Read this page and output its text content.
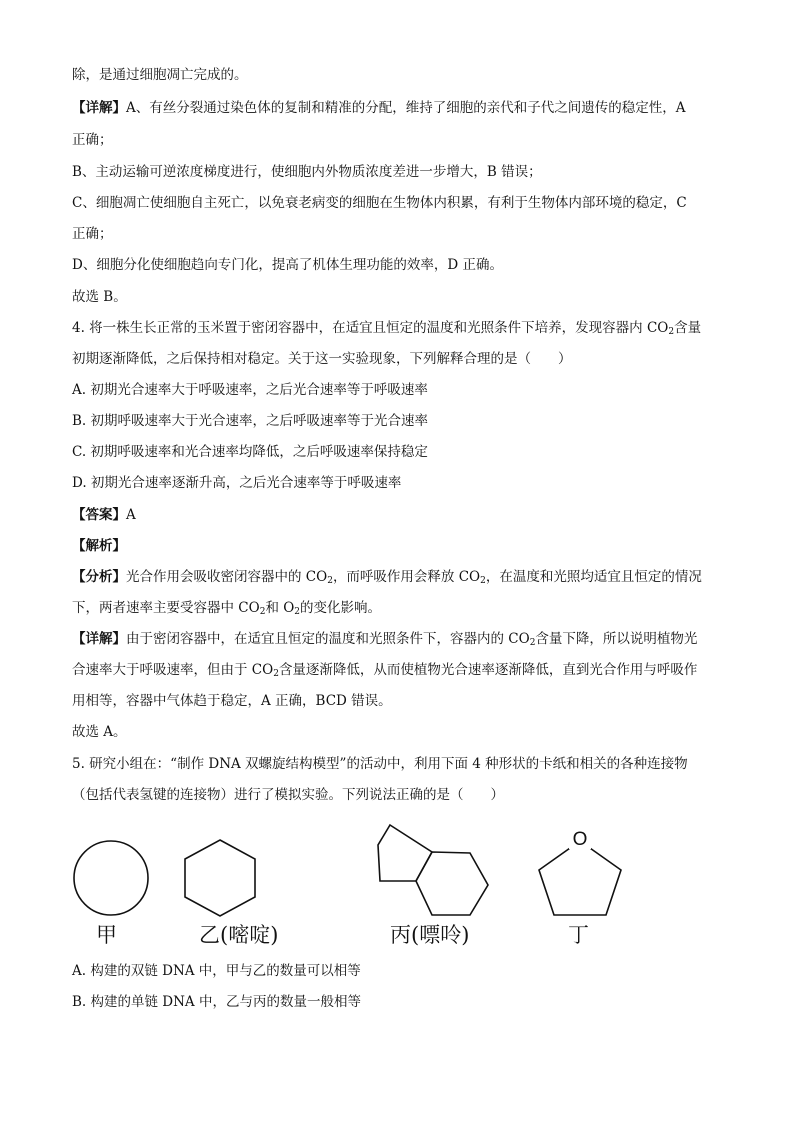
除，是通过细胞凋亡完成的。
【详解】A、有丝分裂通过染色体的复制和精准的分配，维持了细胞的亲代和子代之间遗传的稳定性，A
正确；
B、主动运输可逆浓度梯度进行，使细胞内外物质浓度差进一步增大，B 错误；
C、细胞凋亡使细胞自主死亡，以免衰老病变的细胞在生物体内积累，有利于生物体内部环境的稳定，C
正确；
D、细胞分化使细胞趋向专门化，提高了机体生理功能的效率，D 正确。
故选 B。
4. 将一株生长正常的玉米置于密闭容器中，在适宜且恒定的温度和光照条件下培养，发现容器内 $CO_2$含量
初期逐渐降低，之后保持相对稳定。关于这一实验现象，下列解释合理的是（　　）
A. 初期光合速率大于呼吸速率，之后光合速率等于呼吸速率
B. 初期呼吸速率大于光合速率，之后呼吸速率等于光合速率
C. 初期呼吸速率和光合速率均降低，之后呼吸速率保持稳定
D. 初期光合速率逐渐升高，之后光合速率等于呼吸速率
【答案】A
【解析】
【分析】光合作用会吸收密闭容器中的 $CO_2$，而呼吸作用会释放 $CO_2$，在温度和光照均适宜且恒定的情况
下，两者速率主要受容器中 $CO_2$和 $O_2$的变化影响。
【详解】由于密闭容器中，在适宜且恒定的温度和光照条件下，容器内的 $CO_2$含量下降，所以说明植物光
合速率大于呼吸速率，但由于 $CO_2$含量逐渐降低，从而使植物光合速率逐渐降低，直到光合作用与呼吸作
用相等，容器中气体趋于稳定，A 正确，BCD 错误。
故选 A。
5. 研究小组在：“制作 DNA 双螺旋结构模型”的活动中，利用下面 4 种形状的卡纸和相关的各种连接物
（包括代表氢键的连接物）进行了模拟实验。下列说法正确的是（　　）
O
甲	乙(嘧啶)	丙(嘌呤)	丁
A. 构建的双链 DNA 中，甲与乙的数量可以相等
B. 构建的单链 DNA 中，乙与丙的数量一般相等
